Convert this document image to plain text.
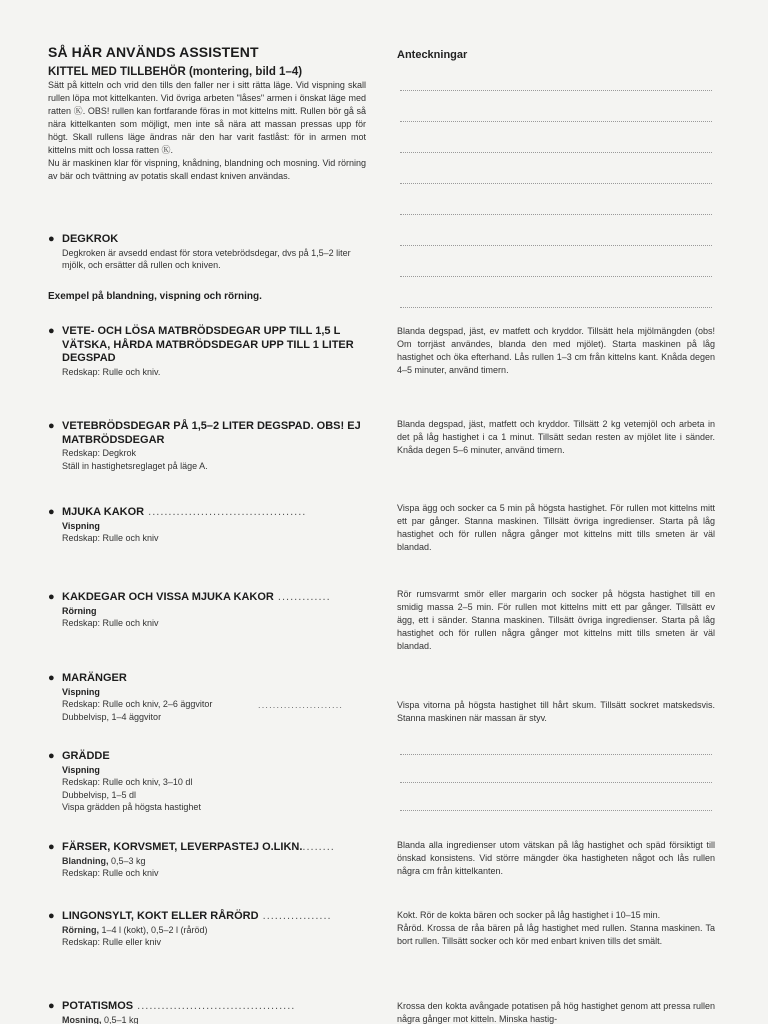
SÅ HÄR ANVÄNDS ASSISTENT

KITTEL MED TILLBEHÖR (montering, bild 1–4)

Sätt på kitteln och vrid den tills den faller ner i sitt rätta läge. Vid vispning skall rullen löpa mot kittelkanten. Vid övriga arbeten "låses" armen i önskat läge med ratten Ⓚ. OBS! rullen kan fortfarande föras in mot kittelns mitt. Rullen bör gå så nära kittelkanten som möjligt, men inte så nära att massan pressas upp för högt. Skall rullens läge ändras när den har varit fastlåst: för in armen mot kittelns mitt och lossa ratten Ⓚ.

Nu är maskinen klar för vispning, knådning, blandning och mosning. Vid rörning av bär och tvättning av potatis skall endast kniven användas.

● DEGKROK
Degkroken är avsedd endast för stora vetebrödsdegar, dvs på 1,5–2 liter mjölk, och ersätter då rullen och kniven.
Exempel på blandning, vispning och rörning.
Anteckningar
● VETE- OCH LÖSA MATBRÖDSDEGAR UPP TILL 1,5 L VÄTSKA, HÅRDA MATBRÖDSDEGAR UPP TILL 1 LITER DEGSPAD
Redskap: Rulle och kniv.
Blanda degspad, jäst, ev matfett och kryddor. Tillsätt hela mjölmängden (obs! Om torrjäst användes, blanda den med mjölet). Starta maskinen på låg hastighet och öka efterhand. Lås rullen 1–3 cm från kittelns kant. Knåda degen 4–5 minuter, använd timern.
● VETEBRÖDSDEGAR PÅ 1,5–2 LITER DEGSPAD. OBS! EJ MATBRÖDSDEGAR
Redskap: Degkrok
Ställ in hastighetsreglaget på läge A.
Blanda degspad, jäst, matfett och kryddor. Tillsätt 2 kg vetemjöl och arbeta in det på låg hastighet i ca 1 minut. Tillsätt sedan resten av mjölet lite i sänder. Knåda degen 5–6 minuter, använd timern.
● MJUKA KAKOR .......................................
Vispning
Redskap: Rulle och kniv
Vispa ägg och socker ca 5 min på högsta hastighet. För rullen mot kittelns mitt ett par gånger. Stanna maskinen. Tillsätt övriga ingredienser. Starta på låg hastighet och för rullen några gånger mot kittelns mitt tills smeten är väl blandad.
● KAKDEGAR OCH VISSA MJUKA KAKOR .............
Rörning
Redskap: Rulle och kniv
Rör rumsvarmt smör eller margarin och socker på högsta hastighet till en smidig massa 2–5 min. För rullen mot kittelns mitt ett par gånger. Tillsätt ev ägg, ett i sänder. Stanna maskinen. Tillsätt övriga ingredienser. Starta på låg hastighet och för rullen några gånger mot kittelns mitt tills smeten är väl blandad.
● MARÄNGER
Vispning
Redskap: Rulle och kniv, 2–6 äggvitor
Dubbelvisp, 1–4 äggvitor
.......................	Vispa vitorna på högsta hastighet till hårt skum. Tillsätt sockret matskedsvis. Stanna maskinen när massan är styv.
● GRÄDDE
Vispning
Redskap: Rulle och kniv, 3–10 dl
Dubbelvisp, 1–5 dl
Vispa grädden på högsta hastighet
● FÄRSER, KORVSMET, LEVERPASTEJ O.LIKN.........
Blandning, 0,5–3 kg
Redskap: Rulle och kniv
Blanda alla ingredienser utom vätskan på låg hastighet och späd försiktigt till önskad konsistens. Vid större mängder öka hastigheten något och lås rullen några cm från kittelkanten.
● LINGONSYLT, KOKT ELLER RÅRÖRD .................
Rörning, 1–4 l (kokt), 0,5–2 l (råröd)
Redskap: Rulle eller kniv
Kokt. Rör de kokta bären och socker på låg hastighet i 10–15 min.
Råröd. Krossa de råa bären på låg hastighet med rullen. Stanna maskinen. Ta bort rullen. Tillsätt socker och kör med enbart kniven tills det smält.
● POTATISMOS .......................................
Mosning, 0,5–1 kg
Krossa den kokta avångade potatisen på hög hastighet genom att pressa rullen några gånger mot kitteln. Minska hastig-
